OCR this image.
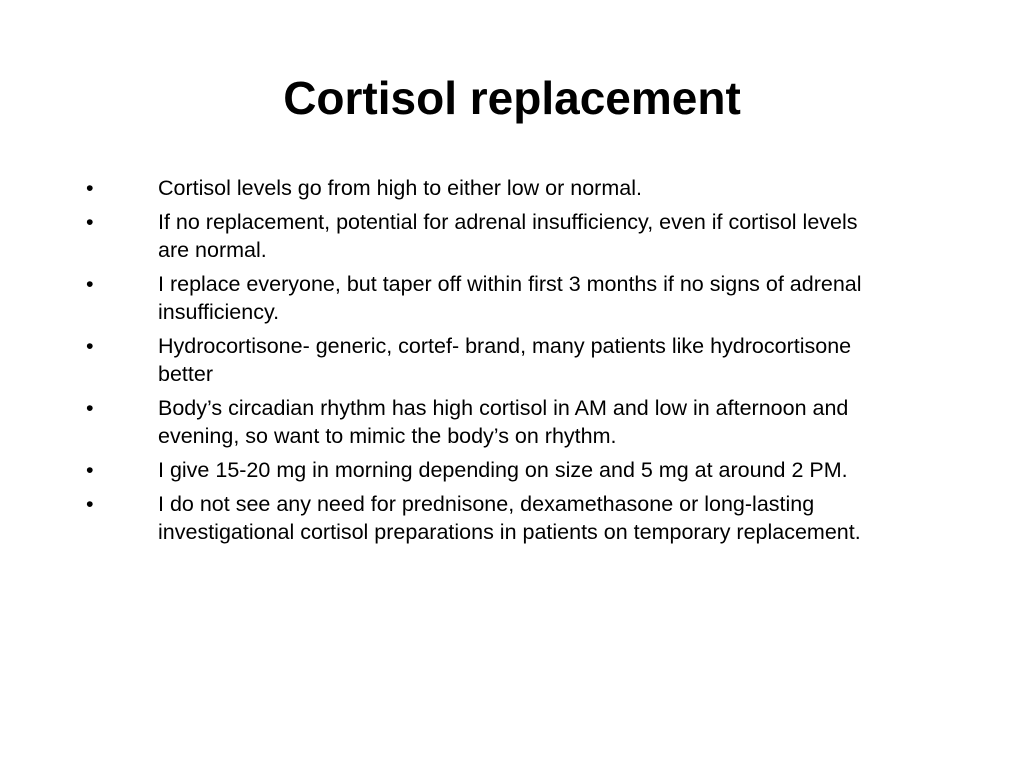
Cortisol replacement
•	Cortisol levels go from high to either low or normal.
•	If no replacement, potential for adrenal insufficiency, even if cortisol levels are normal.
•	I replace everyone, but taper off within first 3 months if no signs of adrenal insufficiency.
•	Hydrocortisone- generic, cortef- brand, many patients like hydrocortisone better
•	Body’s circadian rhythm has high cortisol in AM and low in afternoon and evening, so want to mimic the body’s on rhythm.
•	I give 15-20 mg in morning depending on size and 5 mg at around 2 PM.
•	I do not see any need for prednisone, dexamethasone or long-lasting investigational cortisol preparations in patients on temporary replacement.
